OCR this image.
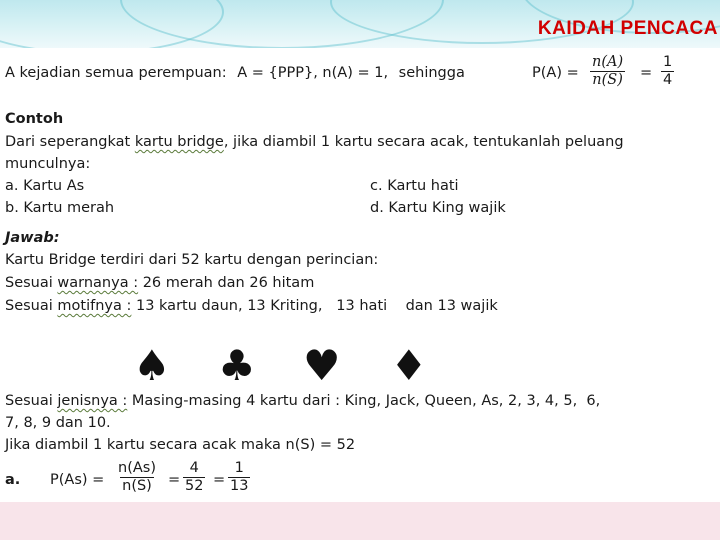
KAIDAH PENCACA
A kejadian semua perempuan: A = {PPP}, n(A) = 1, sehingga	$P(A) = \frac{n(A)}{n(S)} = \frac{1}{4}$
Contoh
Dari seperangkat kartu bridge, jika diambil 1 kartu secara acak, tentukanlah peluang
munculnya:
a. Kartu As
b. Kartu merah
c. Kartu hati
d. Kartu King wajik
Jawab:
Kartu Bridge terdiri dari 52 kartu dengan perincian:
Sesuai warnanya : 26 merah dan 26 hitam
Sesuai motifnya : 13 kartu daun, 13 Kriting,   13 hati    dan 13 wajik
♠ ♣ ♥ ♦
Sesuai jenisnya : Masing-masing 4 kartu dari : King, Jack, Queen, As, 2, 3, 4, 5,  6,
7, 8, 9 dan 10.
Jika diambil 1 kartu secara acak maka n(S) = 52
a. $P(As) = \frac{n(As)}{n(S)} = \frac{4}{52} = \frac{1}{13}$
